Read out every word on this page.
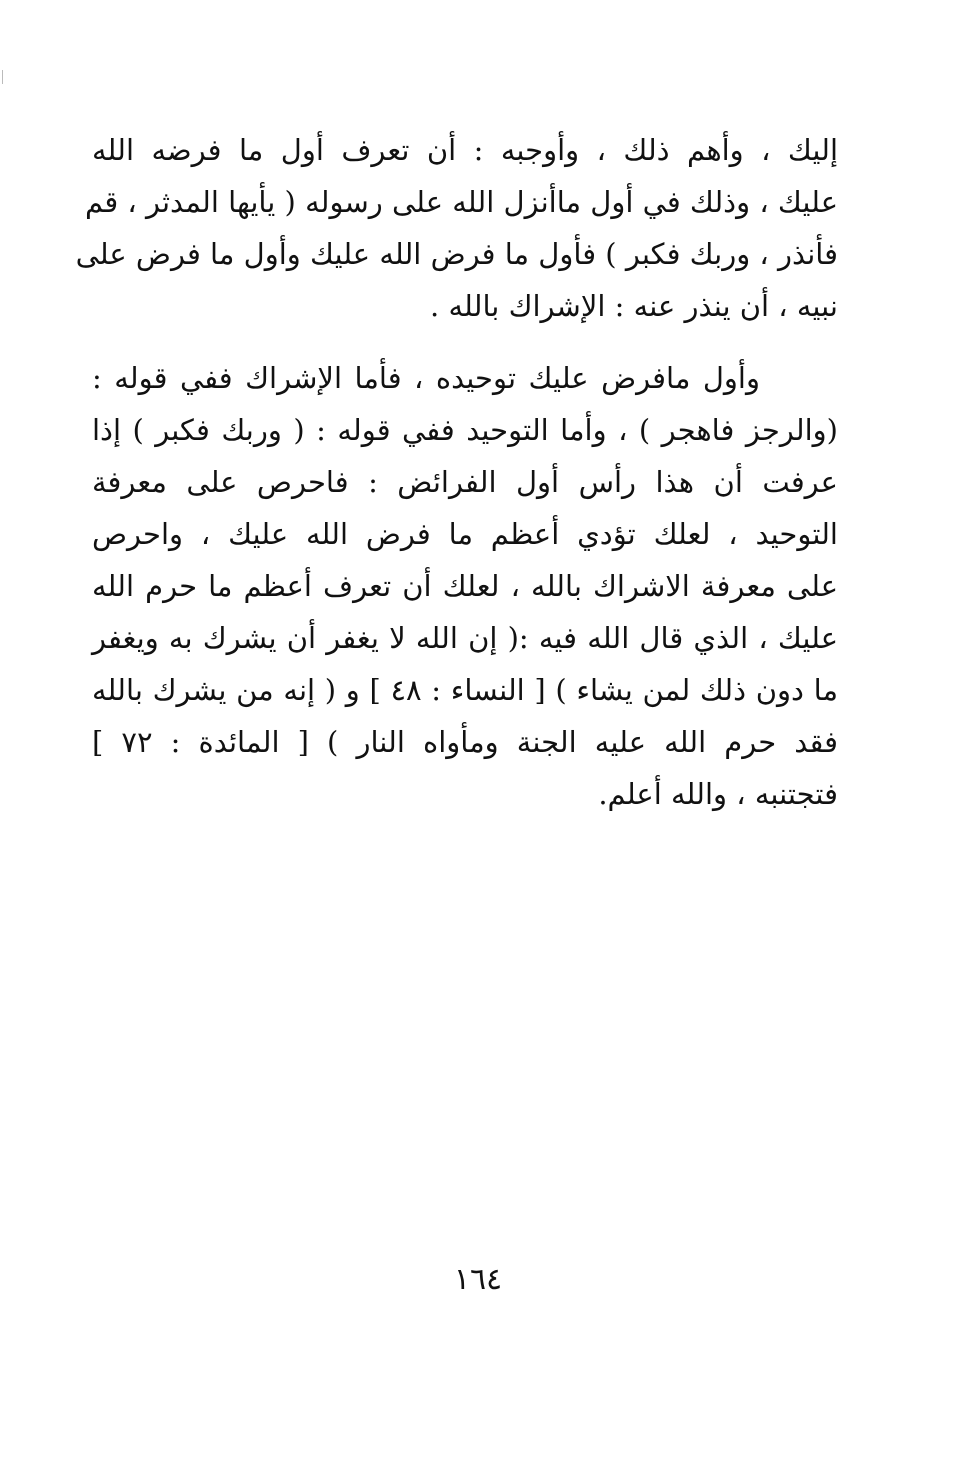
إليك ، وأهم ذلك ، وأوجبه : أن تعرف أول ما فرضه الله
عليك ، وذلك في أول ماأنزل الله على رسوله ( يأيها المدثر ، قم
فأنذر ، وربك فكبر ) فأول ما فرض الله عليك وأول ما فرض على
نبيه ، أن ينذر عنه : الإشراك بالله .
وأول مافرض عليك توحيده ، فأما الإشراك ففي قوله :
(والرجز فاهجر ) ، وأما التوحيد ففي قوله : ( وربك فكبر ) إذا
عرفت أن هذا رأس أول الفرائض : فاحرص على معرفة
التوحيد ، لعلك تؤدي أعظم ما فرض الله عليك ، واحرص
على معرفة الاشراك بالله ، لعلك أن تعرف أعظم ما حرم الله
عليك ، الذي قال الله فيه :( إن الله لا يغفر أن يشرك به ويغفر
ما دون ذلك لمن يشاء ) [ النساء : ٤٨ ] و ( إنه من يشرك بالله
فقد حرم الله عليه الجنة ومأواه النار ) [ المائدة : ٧٢ ]
فتجتنبه ، والله أعلم.
١٦٤
